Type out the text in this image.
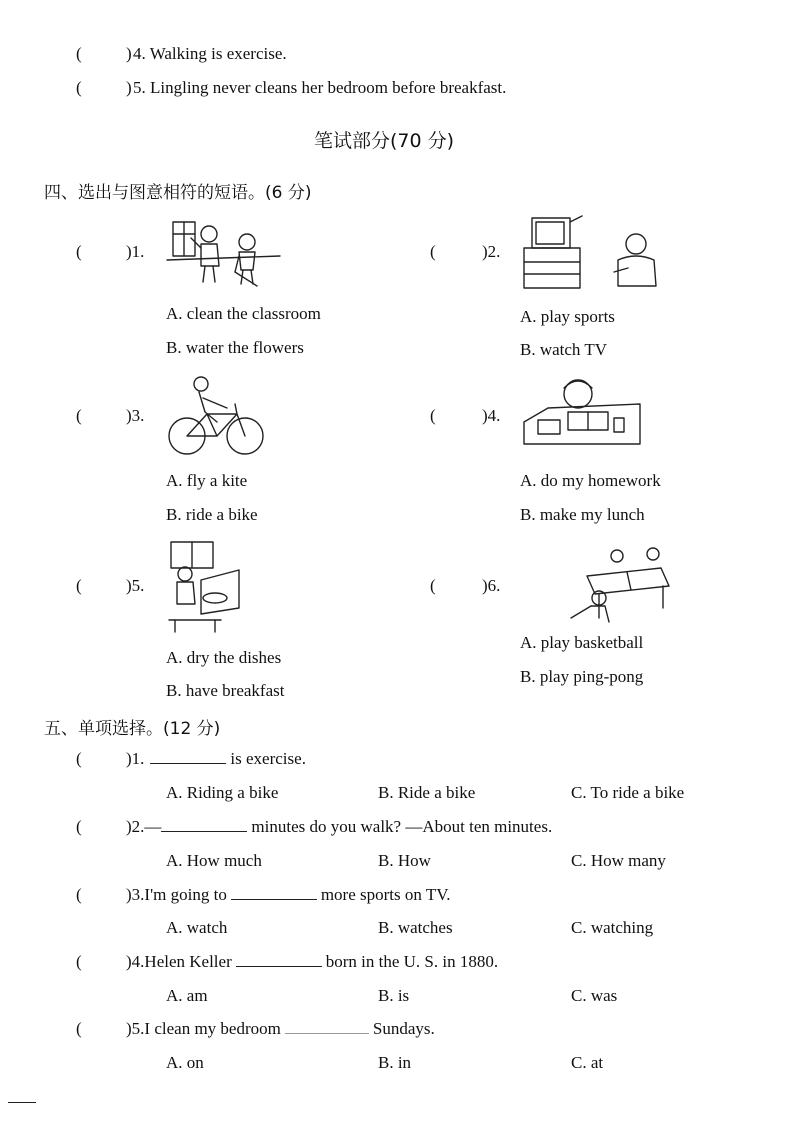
(	4. Walking is exercise.
)
(	) 5. Lingling never cleans her bedroom before breakfast.
笔试部分(70 分)
四、选出与图意相符的短语。(6 分)
(	)1.
A. clean the classroom
B. water the flowers
(	)2.
A. play sports
B. watch TV
(	)3.
A. fly a kite
B. ride a bike
(	)4.
A. do my homework
B. make my lunch
(	)5.
A. dry the dishes
B. have breakfast
(	)6.
A. play basketball
B. play ping-pong
五、单项选择。(12 分)
(	)1.	is exercise.
A. Riding a bike	B. Ride a bike	C. To ride a bike
(	)2.—	minutes do you walk? —About ten minutes.
A. How much	B. How	C. How many
(	)3.I'm going to	more sports on TV.
A. watch	B. watches	C. watching
(	)4.Helen Keller	born in the U. S. in 1880.
A. am	B. is	C. was
(	)5.I clean my bedroom	Sundays.
A. on	B. in	C. at
